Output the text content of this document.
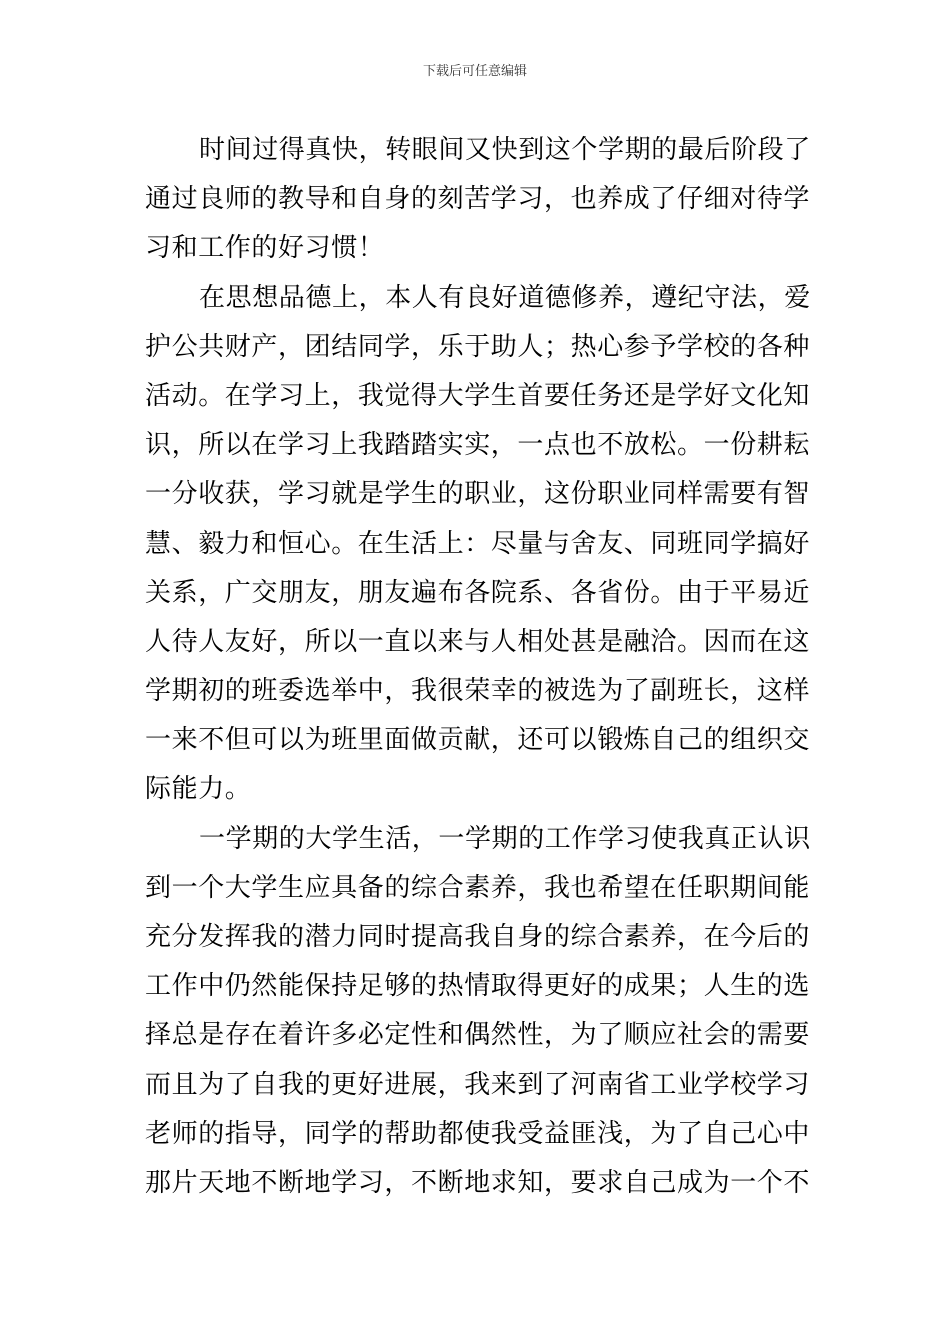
下载后可任意编辑
时间过得真快，转眼间又快到这个学期的最后阶段了
通过良师的教导和自身的刻苦学习，也养成了仔细对待学
习和工作的好习惯！
在思想品德上，本人有良好道德修养，遵纪守法，爱
护公共财产，团结同学，乐于助人；热心参予学校的各种
活动。在学习上，我觉得大学生首要任务还是学好文化知
识，所以在学习上我踏踏实实，一点也不放松。一份耕耘
一分收获，学习就是学生的职业，这份职业同样需要有智
慧、毅力和恒心。在生活上：尽量与舍友、同班同学搞好
关系，广交朋友，朋友遍布各院系、各省份。由于平易近
人待人友好，所以一直以来与人相处甚是融洽。因而在这
学期初的班委选举中，我很荣幸的被选为了副班长，这样
一来不但可以为班里面做贡献，还可以锻炼自己的组织交
际能力。
一学期的大学生活，一学期的工作学习使我真正认识
到一个大学生应具备的综合素养，我也希望在任职期间能
充分发挥我的潜力同时提高我自身的综合素养，在今后的
工作中仍然能保持足够的热情取得更好的成果；人生的选
择总是存在着许多必定性和偶然性，为了顺应社会的需要
而且为了自我的更好进展，我来到了河南省工业学校学习
老师的指导，同学的帮助都使我受益匪浅，为了自己心中
那片天地不断地学习，不断地求知，要求自己成为一个不
